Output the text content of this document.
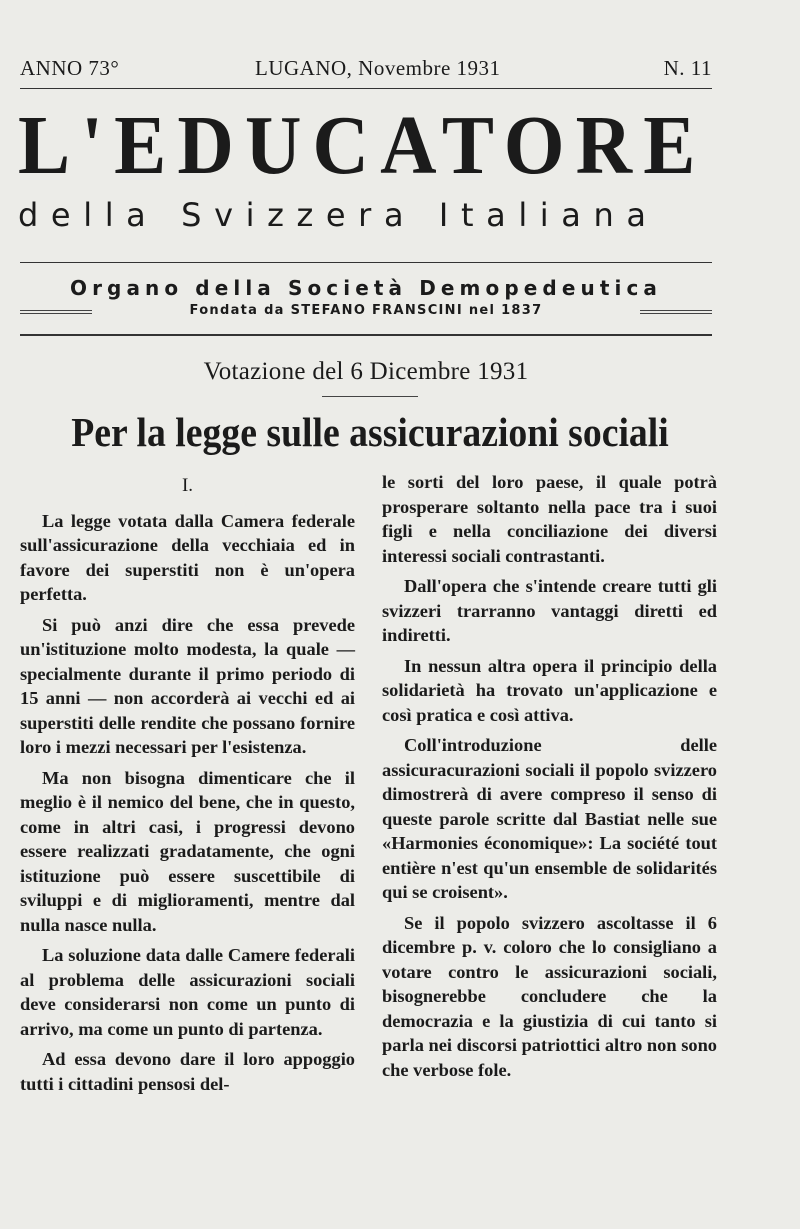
ANNO 73°	LUGANO, Novembre 1931	N. 11
L'EDUCATORE
della Svizzera Italiana
Organo della Società Demopedeutica
Fondata da STEFANO FRANSCINI nel 1837
Votazione del 6 Dicembre 1931
Per la legge sulle assicurazioni sociali
I.

La legge votata dalla Camera federale sull'assicurazione della vecchiaia ed in favore dei superstiti non è un'opera perfetta.

Si può anzi dire che essa prevede un'istituzione molto modesta, la quale — specialmente durante il primo periodo di 15 anni — non accorderà ai vecchi ed ai superstiti delle rendite che possano fornire loro i mezzi necessari per l'esistenza.

Ma non bisogna dimenticare che il meglio è il nemico del bene, che in questo, come in altri casi, i progressi devono essere realizzati gradatamente, che ogni istituzione può essere suscettibile di sviluppi e di miglioramenti, mentre dal nulla nasce nulla.

La soluzione data dalle Camere federali al problema delle assicurazioni sociali deve considerarsi non come un punto di arrivo, ma come un punto di partenza.

Ad essa devono dare il loro appoggio tutti i cittadini pensosi del-

le sorti del loro paese, il quale potrà prosperare soltanto nella pace tra i suoi figli e nella conciliazione dei diversi interessi sociali contrastanti.

Dall'opera che s'intende creare tutti gli svizzeri trarranno vantaggi diretti ed indiretti.

In nessun altra opera il principio della solidarietà ha trovato un'applicazione e così pratica e così attiva.

Coll'introduzione delle assicuracurazioni sociali il popolo svizzero dimostrerà di avere compreso il senso di queste parole scritte dal Bastiat nelle sue «Harmonies économique»: La société tout entière n'est qu'un ensemble de solidarités qui se croisent».

Se il popolo svizzero ascoltasse il 6 dicembre p. v. coloro che lo consigliano a votare contro le assicurazioni sociali, bisognerebbe concludere che la democrazia e la giustizia di cui tanto si parla nei discorsi patriottici altro non sono che verbose fole.
